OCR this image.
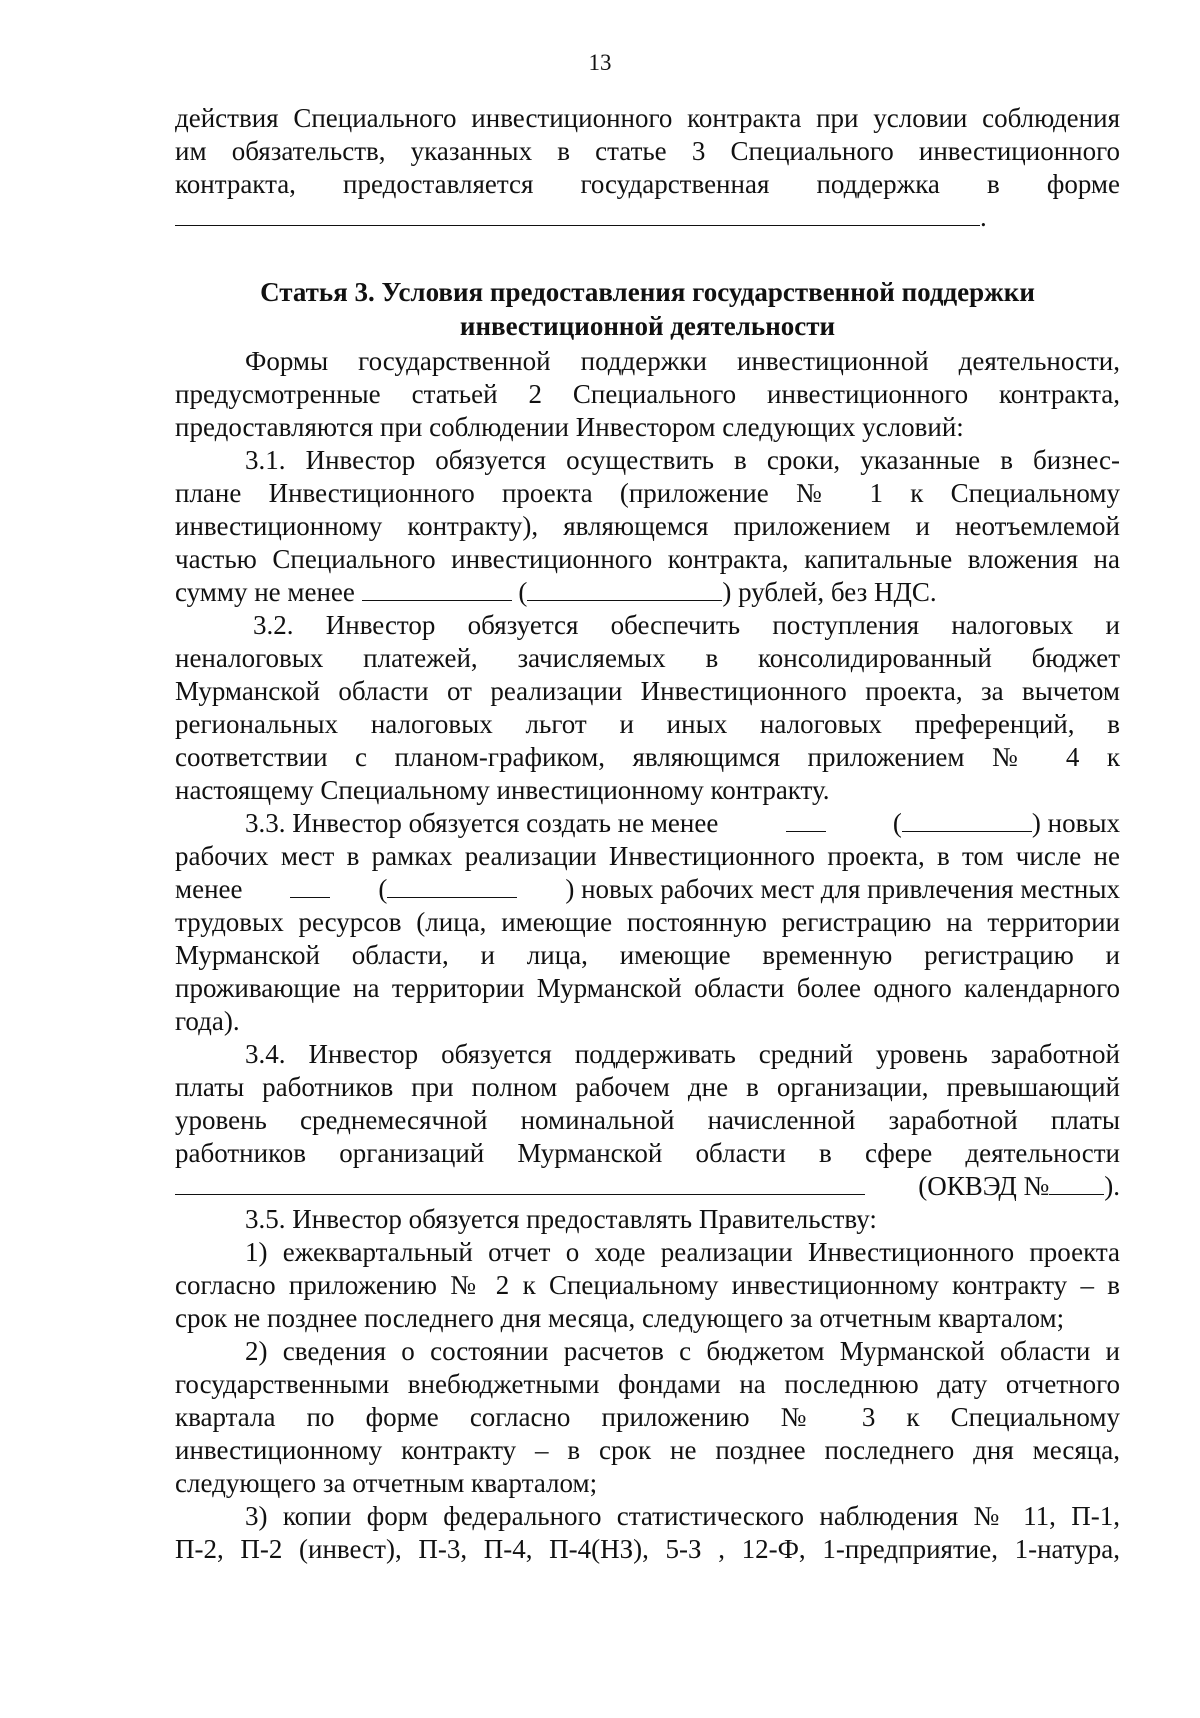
13
действия Специального инвестиционного контракта при условии соблюдения
им обязательств, указанных в статье 3 Специального инвестиционного
контракта, предоставляется государственная поддержка в форме
.
Статья 3. Условия предоставления государственной поддержки
инвестиционной деятельности
Формы государственной поддержки инвестиционной деятельности,
предусмотренные статьей 2 Специального инвестиционного контракта,
предоставляются при соблюдении Инвестором следующих условий:
3.1. Инвестор обязуется осуществить в сроки, указанные в бизнес-
плане Инвестиционного проекта (приложение № 1 к Специальному
инвестиционному контракту), являющемся приложением и неотъемлемой
частью Специального инвестиционного контракта, капитальные вложения на
сумму не менее	(	) рублей, без НДС.
3.2. Инвестор обязуется обеспечить поступления налоговых и
неналоговых платежей, зачисляемых в консолидированный бюджет
Мурманской области от реализации Инвестиционного проекта, за вычетом
региональных налоговых льгот и иных налоговых преференций, в
соответствии с планом-графиком, являющимся приложением № 4 к
настоящему Специальному инвестиционному контракту.
3.3. Инвестор обязуется создать не менее	(	) новых
рабочих мест в рамках реализации Инвестиционного проекта, в том числе не
менее	(	) новых рабочих мест для привлечения местных
трудовых ресурсов (лица, имеющие постоянную регистрацию на территории
Мурманской области, и лица, имеющие временную регистрацию и
проживающие на территории Мурманской области более одного календарного
года).
3.4. Инвестор обязуется поддерживать средний уровень заработной
платы работников при полном рабочем дне в организации, превышающий
уровень среднемесячной номинальной начисленной заработной платы
работников организаций Мурманской области в сфере деятельности
(ОКВЭД № ).
3.5. Инвестор обязуется предоставлять Правительству:
1) ежеквартальный отчет о ходе реализации Инвестиционного проекта
согласно приложению № 2 к Специальному инвестиционному контракту – в
срок не позднее последнего дня месяца, следующего за отчетным кварталом;
2) сведения о состоянии расчетов с бюджетом Мурманской области и
государственными внебюджетными фондами на последнюю дату отчетного
квартала по форме согласно приложению № 3 к Специальному
инвестиционному контракту – в срок не позднее последнего дня месяца,
следующего за отчетным кварталом;
3) копии форм федерального статистического наблюдения № 11, П-1,
П-2, П-2 (инвест), П-3, П-4, П-4(НЗ), 5-З , 12-Ф, 1-предприятие, 1-натура,
